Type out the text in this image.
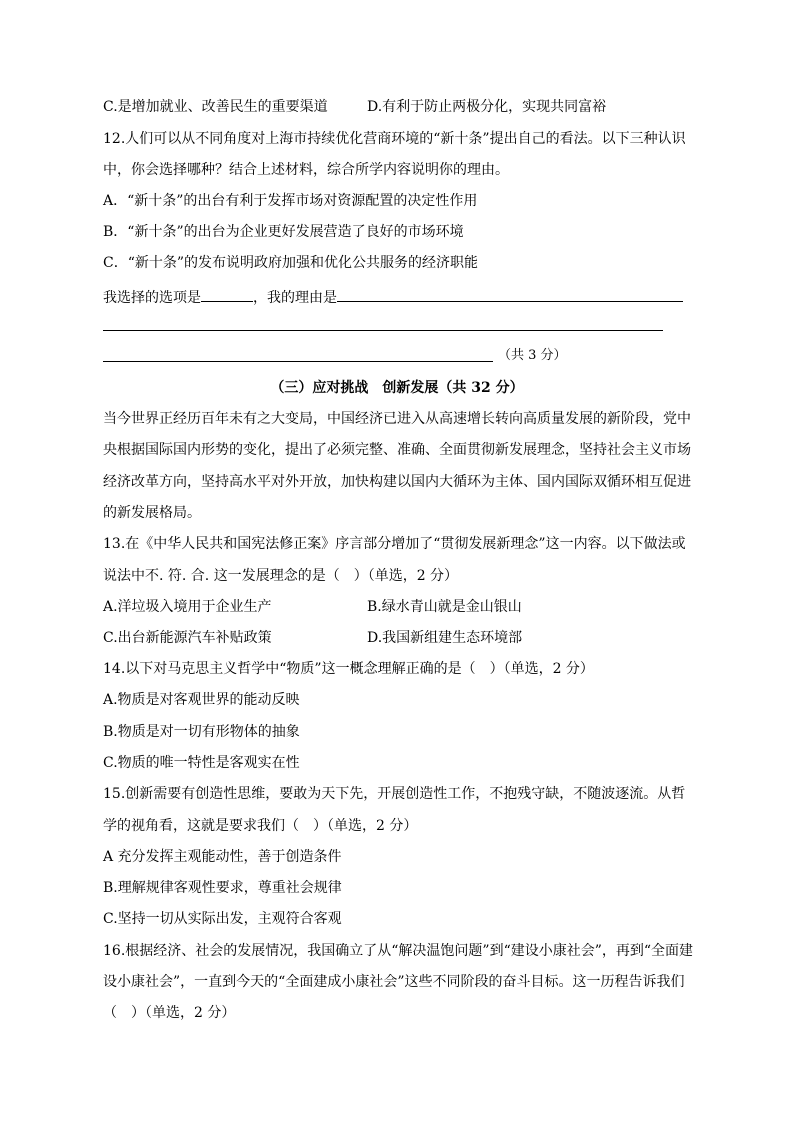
C.是增加就业、改善民生的重要渠道	D.有利于防止两极分化，实现共同富裕
12.人们可以从不同角度对上海市持续优化营商环境的“新十条”提出自己的看法。以下三种认识
中，你会选择哪种？结合上述材料，综合所学内容说明你的理由。
A．“新十条”的出台有利于发挥市场对资源配置的决定性作用
B．“新十条”的出台为企业更好发展营造了良好的市场环境
C．“新十条”的发布说明政府加强和优化公共服务的经济职能
我选择的选项是	，我的理由是
（共 3 分）
（三）应对挑战　创新发展（共 32 分）
当今世界正经历百年未有之大变局，中国经济已进入从高速增长转向高质量发展的新阶段，党中
央根据国际国内形势的变化，提出了必须完整、准确、全面贯彻新发展理念，坚持社会主义市场
经济改革方向，坚持高水平对外开放，加快构建以国内大循环为主体、国内国际双循环相互促进
的新发展格局。
13.在《中华人民共和国宪法修正案》序言部分增加了“贯彻发展新理念”这一内容。以下做法或
说法中不. 符. 合. 这一发展理念的是（　）（单选，2 分）
A.洋垃圾入境用于企业生产	B.绿水青山就是金山银山
C.出台新能源汽车补贴政策	D.我国新组建生态环境部
14.以下对马克思主义哲学中“物质”这一概念理解正确的是（　）（单选，2 分）
A.物质是对客观世界的能动反映
B.物质是对一切有形物体的抽象
C.物质的唯一特性是客观实在性
15.创新需要有创造性思维，要敢为天下先，开展创造性工作，不抱残守缺，不随波逐流。从哲
学的视角看，这就是要求我们（　）（单选，2 分）
A 充分发挥主观能动性，善于创造条件
B.理解规律客观性要求，尊重社会规律
C.坚持一切从实际出发，主观符合客观
16.根据经济、社会的发展情况，我国确立了从“解决温饱问题”到“建设小康社会”，再到“全面建
设小康社会”，一直到今天的“全面建成小康社会”这些不同阶段的奋斗目标。这一历程告诉我们
（　）（单选，2 分）
